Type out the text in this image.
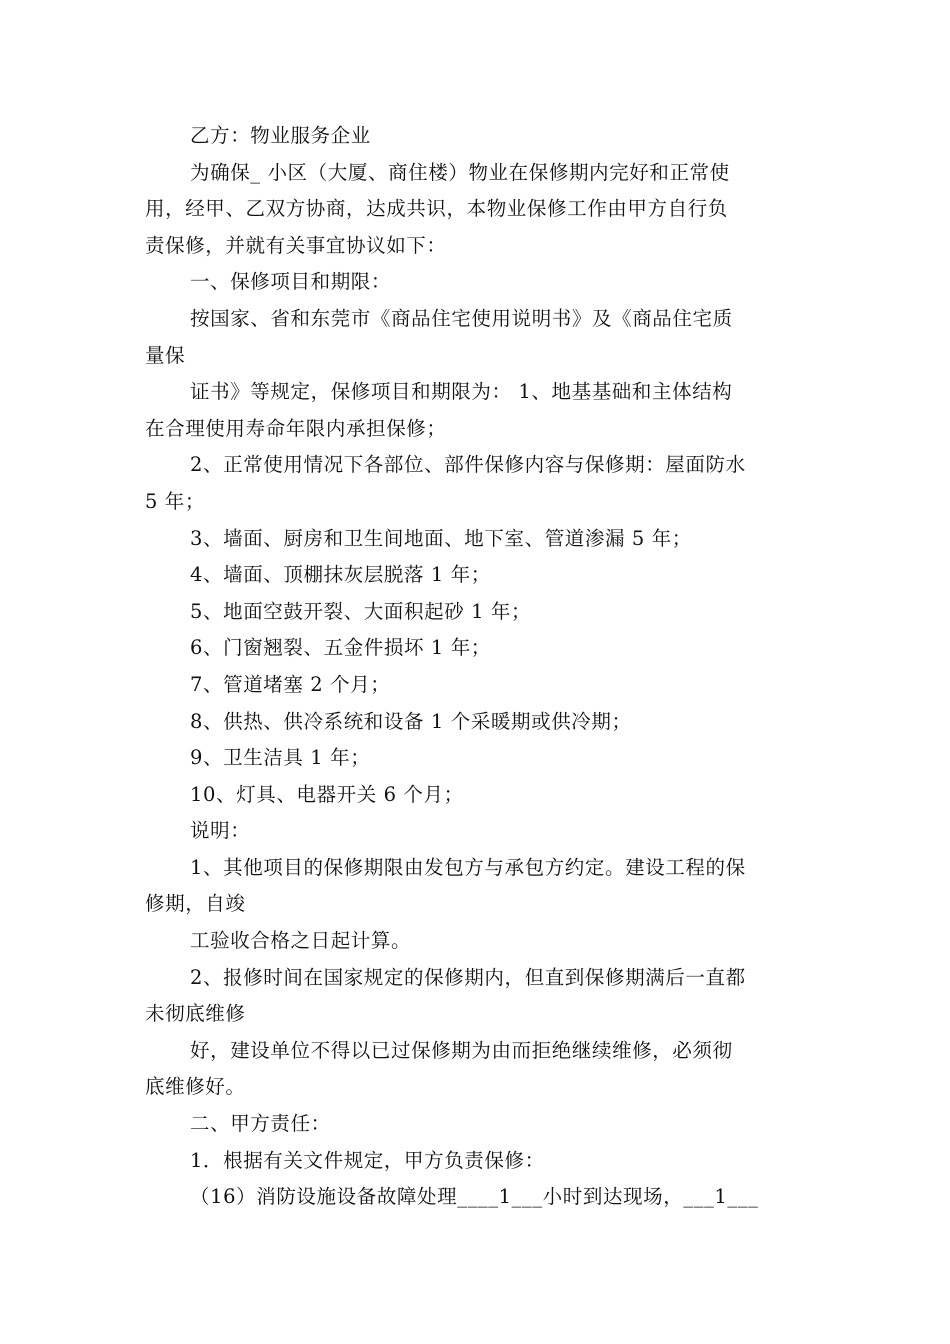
乙方：物业服务企业

为确保_ 小区（大厦、商住楼）物业在保修期内完好和正常使

用，经甲、乙双方协商，达成共识，本物业保修工作由甲方自行负

责保修，并就有关事宜协议如下：

一、保修项目和期限：

按国家、省和东莞市《商品住宅使用说明书》及《商品住宅质

量保

证书》等规定，保修项目和期限为： 1、地基基础和主体结构

在合理使用寿命年限内承担保修；

2、正常使用情况下各部位、部件保修内容与保修期：屋面防水

5 年；

3、墙面、厨房和卫生间地面、地下室、管道渗漏 5 年；

4、墙面、顶棚抹灰层脱落 1 年；

5、地面空鼓开裂、大面积起砂 1 年；

6、门窗翘裂、五金件损坏 1 年；

7、管道堵塞 2 个月；

8、供热、供冷系统和设备 1 个采暖期或供冷期；

9、卫生洁具 1 年；

10、灯具、电器开关 6 个月；

说明：

1、其他项目的保修期限由发包方与承包方约定。建设工程的保

修期，自竣

工验收合格之日起计算。

2、报修时间在国家规定的保修期内，但直到保修期满后一直都

未彻底维修

好，建设单位不得以已过保修期为由而拒绝继续维修，必须彻

底维修好。

二、甲方责任：

1．根据有关文件规定，甲方负责保修：

（16）消防设施设备故障处理____1___小时到达现场，___1___
